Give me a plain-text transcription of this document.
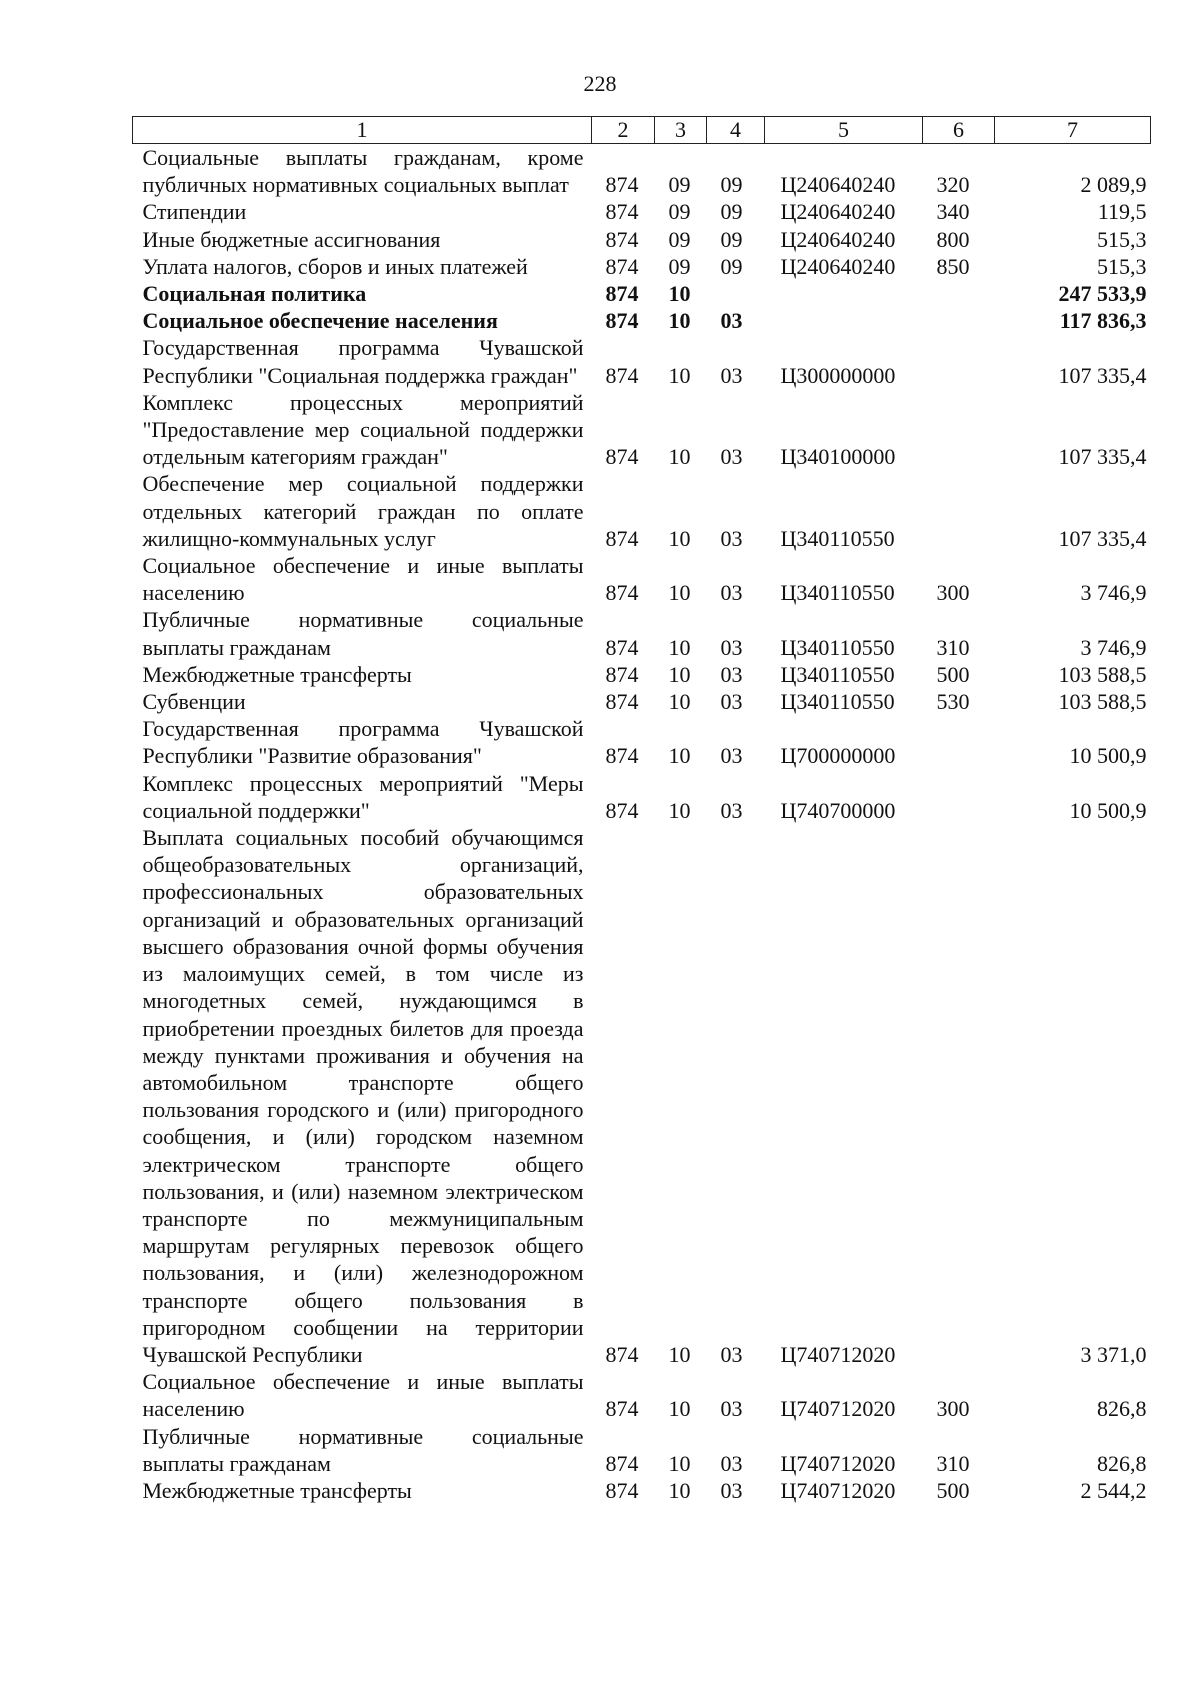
228
1	2	3	4	5	6	7
Социальные выплаты гражданам, кроме публичных нормативных социальных выплат	874	09	09	Ц240640240	320	2 089,9
Стипендии	874	09	09	Ц240640240	340	119,5
Иные бюджетные ассигнования	874	09	09	Ц240640240	800	515,3
Уплата налогов, сборов и иных платежей	874	09	09	Ц240640240	850	515,3
Социальная политика	874	10				247 533,9
Социальное обеспечение населения	874	10	03			117 836,3
Государственная программа Чувашской Республики "Социальная поддержка граждан"	874	10	03	Ц300000000		107 335,4
Комплекс процессных мероприятий "Предоставление мер социальной поддержки отдельным категориям граждан"	874	10	03	Ц340100000		107 335,4
Обеспечение мер социальной поддержки отдельных категорий граждан по оплате жилищно-коммунальных услуг	874	10	03	Ц340110550		107 335,4
Социальное обеспечение и иные выплаты населению	874	10	03	Ц340110550	300	3 746,9
Публичные нормативные социальные выплаты гражданам	874	10	03	Ц340110550	310	3 746,9
Межбюджетные трансферты	874	10	03	Ц340110550	500	103 588,5
Субвенции	874	10	03	Ц340110550	530	103 588,5
Государственная программа Чувашской Республики "Развитие образования"	874	10	03	Ц700000000		10 500,9
Комплекс процессных мероприятий "Меры социальной поддержки"	874	10	03	Ц740700000		10 500,9
Выплата социальных пособий обучающимся общеобразовательных организаций, профессиональных образовательных организаций и образовательных организаций высшего образования очной формы обучения из малоимущих семей, в том числе из многодетных семей, нуждающимся в приобретении проездных билетов для проезда между пунктами проживания и обучения на автомобильном транспорте общего пользования городского и (или) пригородного сообщения, и (или) городском наземном электрическом транспорте общего пользования, и (или) наземном электрическом транспорте по межмуниципальным маршрутам регулярных перевозок общего пользования, и (или) железнодорожном транспорте общего пользования в пригородном сообщении на территории Чувашской Республики	874	10	03	Ц740712020		3 371,0
Социальное обеспечение и иные выплаты населению	874	10	03	Ц740712020	300	826,8
Публичные нормативные социальные выплаты гражданам	874	10	03	Ц740712020	310	826,8
Межбюджетные трансферты	874	10	03	Ц740712020	500	2 544,2
